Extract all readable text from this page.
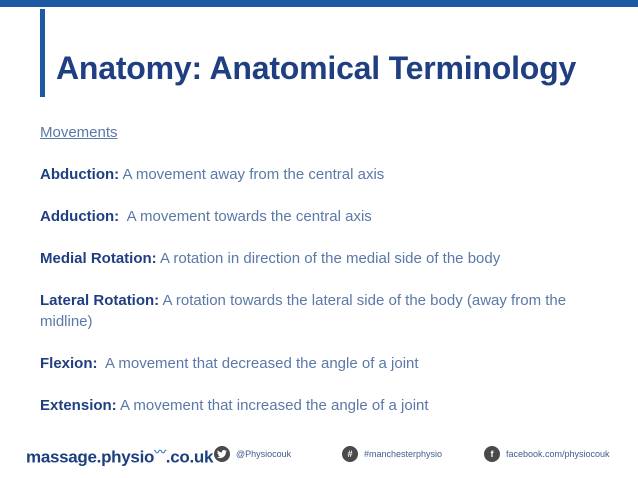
Anatomy: Anatomical Terminology
Movements
Abduction: A movement away from the central axis
Adduction:  A movement towards the central axis
Medial Rotation: A rotation in direction of the medial side of the body
Lateral Rotation: A rotation towards the lateral side of the body (away from the midline)
Flexion:  A movement that decreased the angle of a joint
Extension: A movement that increased the angle of a joint
massage.physio〰.co.uk	@Physiocouk	#	#manchesterphysio	f	facebook.com/physiocouk
